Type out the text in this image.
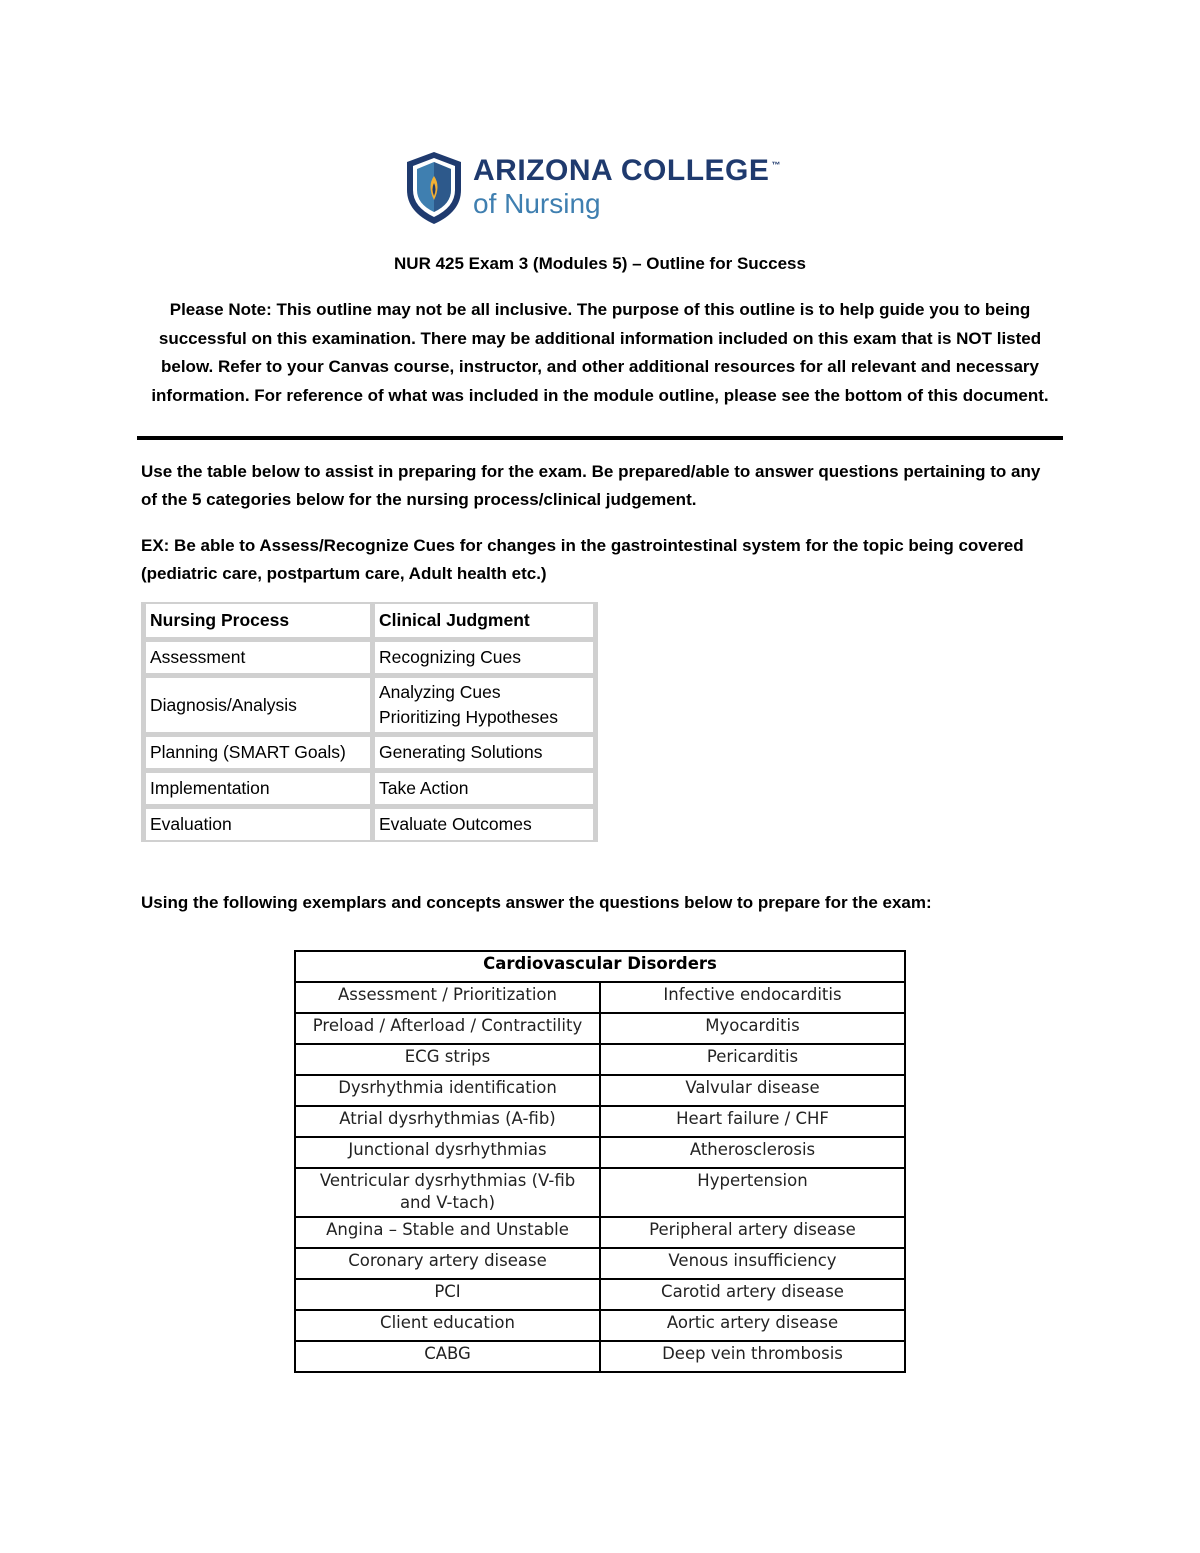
ARIZONA COLLEGE ™
of Nursing
NUR 425 Exam 3 (Modules 5) – Outline for Success
Please Note: This outline may not be all inclusive. The purpose of this outline is to help guide you to being successful on this examination. There may be additional information included on this exam that is NOT listed below. Refer to your Canvas course, instructor, and other additional resources for all relevant and necessary information. For reference of what was included in the module outline, please see the bottom of this document.
Use the table below to assist in preparing for the exam. Be prepared/able to answer questions pertaining to any of the 5 categories below for the nursing process/clinical judgement.
EX: Be able to Assess/Recognize Cues for changes in the gastrointestinal system for the topic being covered (pediatric care, postpartum care, Adult health etc.)
Nursing Process	Clinical Judgment
Assessment	Recognizing Cues
Diagnosis/Analysis	Analyzing Cues
Prioritizing Hypotheses

Planning (SMART Goals)	Generating Solutions
Implementation	Take Action
Evaluation	Evaluate Outcomes
Using the following exemplars and concepts answer the questions below to prepare for the exam:
Cardiovascular Disorders	
Assessment / Prioritization	Infective endocarditis
Preload / Afterload / Contractility	Myocarditis
ECG strips	Pericarditis
Dysrhythmia identification	Valvular disease
Atrial dysrhythmias (A-fib)	Heart failure / CHF
Junctional dysrhythmias	Atherosclerosis
Ventricular dysrhythmias (V-fib and V-tach)	Hypertension
Angina – Stable and Unstable	Peripheral artery disease
Coronary artery disease	Venous insufficiency
PCI	Carotid artery disease
Client education	Aortic artery disease
CABG	Deep vein thrombosis
